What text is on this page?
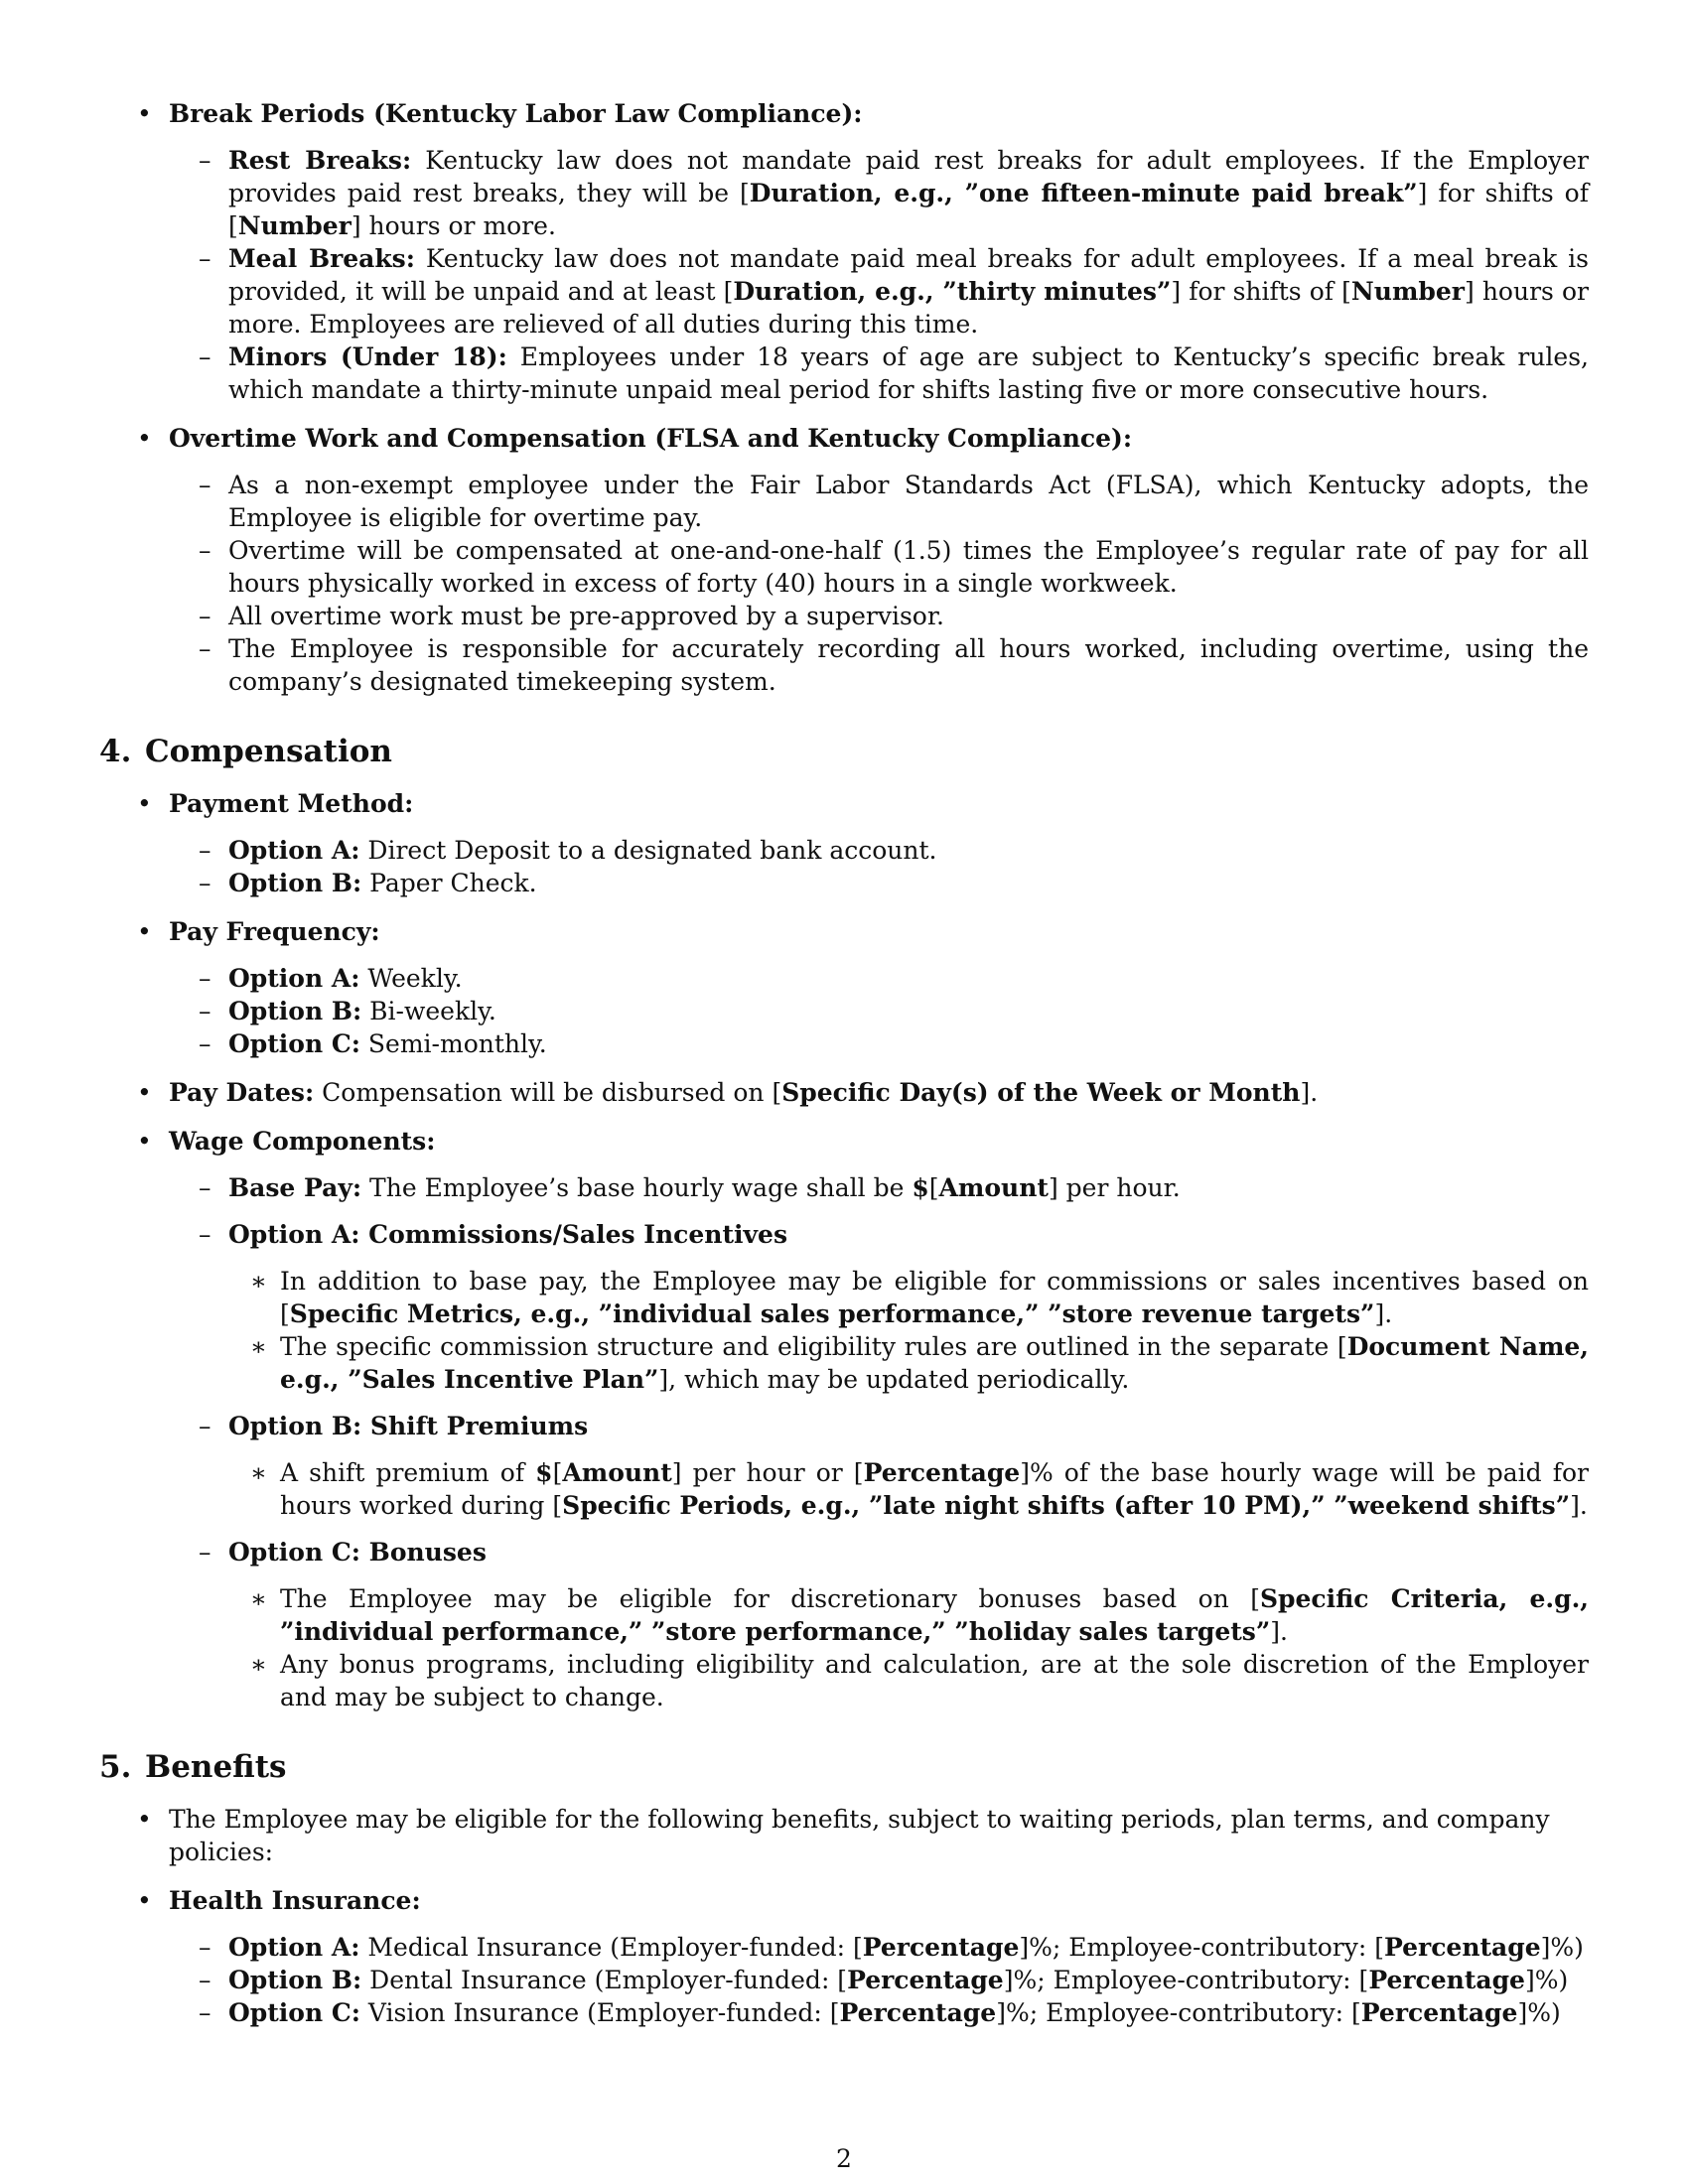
• Break Periods (Kentucky Labor Law Compliance):
– Rest Breaks: Kentucky law does not mandate paid rest breaks for adult employees. If the Employer provides paid rest breaks, they will be [Duration, e.g., ”one fifteen-minute paid break”] for shifts of [Number] hours or more.
– Meal Breaks: Kentucky law does not mandate paid meal breaks for adult employees. If a meal break is provided, it will be unpaid and at least [Duration, e.g., ”thirty minutes”] for shifts of [Number] hours or more. Employees are relieved of all duties during this time.
– Minors (Under 18): Employees under 18 years of age are subject to Kentucky’s specific break rules, which mandate a thirty-minute unpaid meal period for shifts lasting five or more consecutive hours.
• Overtime Work and Compensation (FLSA and Kentucky Compliance):
– As a non-exempt employee under the Fair Labor Standards Act (FLSA), which Kentucky adopts, the Employee is eligible for overtime pay.
– Overtime will be compensated at one-and-one-half (1.5) times the Employee’s regular rate of pay for all hours physically worked in excess of forty (40) hours in a single workweek.
– All overtime work must be pre-approved by a supervisor.
– The Employee is responsible for accurately recording all hours worked, including overtime, using the company’s designated timekeeping system.
4. Compensation
• Payment Method:
– Option A: Direct Deposit to a designated bank account.
– Option B: Paper Check.
• Pay Frequency:
– Option A: Weekly.
– Option B: Bi-weekly.
– Option C: Semi-monthly.
• Pay Dates: Compensation will be disbursed on [Specific Day(s) of the Week or Month].
• Wage Components:
– Base Pay: The Employee’s base hourly wage shall be $[Amount] per hour.
– Option A: Commissions/Sales Incentives
∗ In addition to base pay, the Employee may be eligible for commissions or sales incentives based on [Specific Metrics, e.g., ”individual sales performance,” ”store revenue targets”].
∗ The specific commission structure and eligibility rules are outlined in the separate [Document Name, e.g., ”Sales Incentive Plan”], which may be updated periodically.
– Option B: Shift Premiums
∗ A shift premium of $[Amount] per hour or [Percentage]% of the base hourly wage will be paid for hours worked during [Specific Periods, e.g., ”late night shifts (after 10 PM),” ”weekend shifts”].
– Option C: Bonuses
∗ The Employee may be eligible for discretionary bonuses based on [Specific Criteria, e.g., ”individual performance,” ”store performance,” ”holiday sales targets”].
∗ Any bonus programs, including eligibility and calculation, are at the sole discretion of the Employer and may be subject to change.
5. Benefits
• The Employee may be eligible for the following benefits, subject to waiting periods, plan terms, and company policies:
• Health Insurance:
– Option A: Medical Insurance (Employer-funded: [Percentage]%; Employee-contributory: [Percentage]%)
– Option B: Dental Insurance (Employer-funded: [Percentage]%; Employee-contributory: [Percentage]%)
– Option C: Vision Insurance (Employer-funded: [Percentage]%; Employee-contributory: [Percentage]%)
2
